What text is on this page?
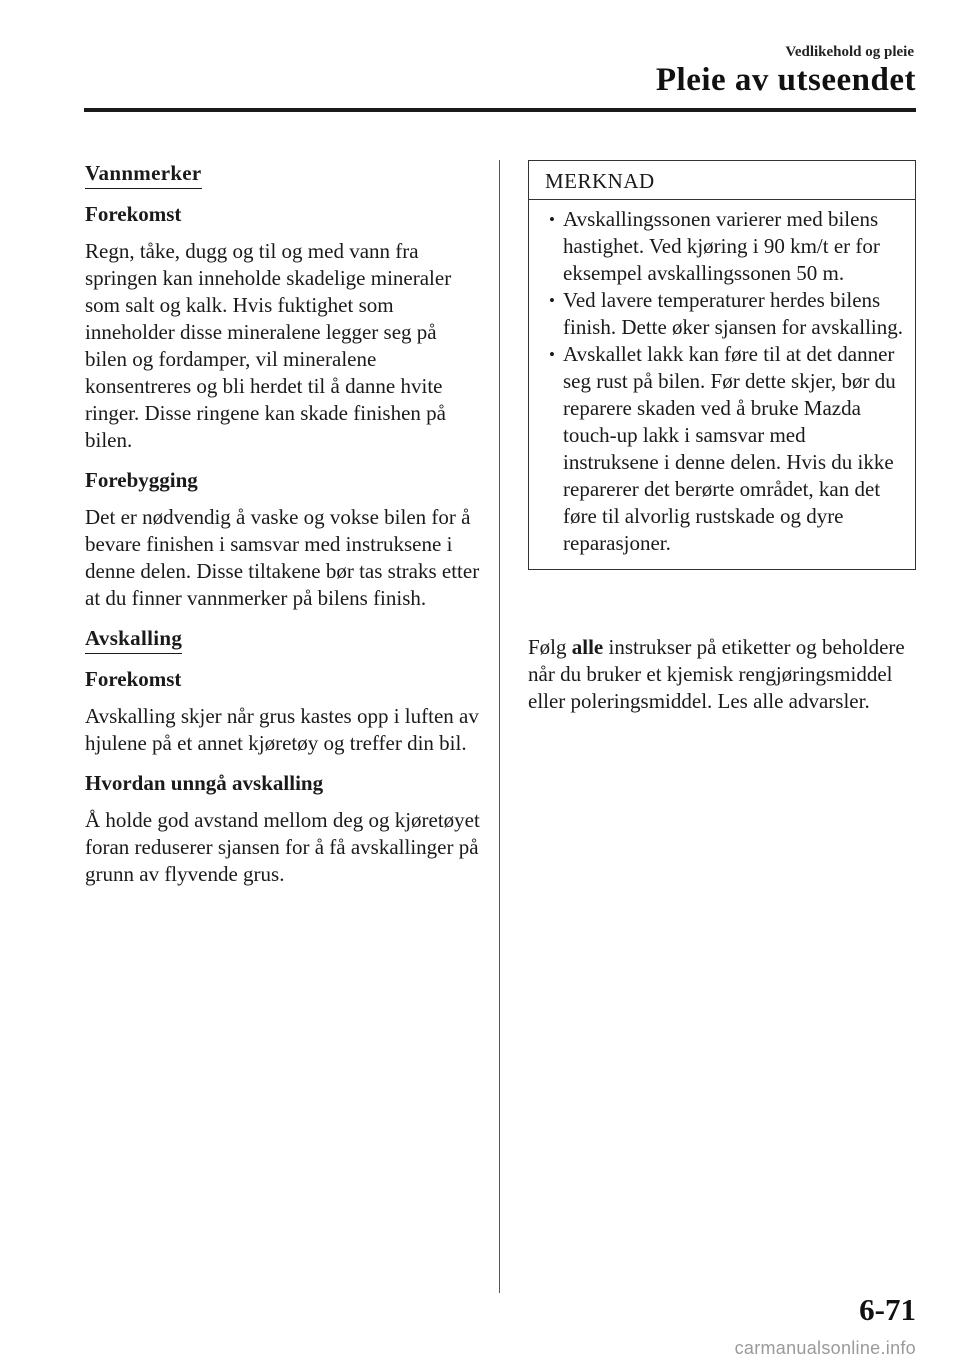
Vedlikehold og pleie
Pleie av utseendet
Vannmerker
Forekomst

Regn, tåke, dugg og til og med vann fra springen kan inneholde skadelige mineraler som salt og kalk. Hvis fuktighet som inneholder disse mineralene legger seg på bilen og fordamper, vil mineralene konsentreres og bli herdet til å danne hvite ringer. Disse ringene kan skade finishen på bilen.

Forebygging

Det er nødvendig å vaske og vokse bilen for å bevare finishen i samsvar med instruksene i denne delen. Disse tiltakene bør tas straks etter at du finner vannmerker på bilens finish.

Avskalling
Forekomst

Avskalling skjer når grus kastes opp i luften av hjulene på et annet kjøretøy og treffer din bil.

Hvordan unngå avskalling

Å holde god avstand mellom deg og kjøretøyet foran reduserer sjansen for å få avskallinger på grunn av flyvende grus.

MERKNAD
• Avskallingssonen varierer med bilens hastighet. Ved kjøring i 90 km/t er for eksempel avskallingssonen 50 m.
• Ved lavere temperaturer herdes bilens finish. Dette øker sjansen for avskalling.
• Avskallet lakk kan føre til at det danner seg rust på bilen. Før dette skjer, bør du reparere skaden ved å bruke Mazda touch-up lakk i samsvar med instruksene i denne delen. Hvis du ikke reparerer det berørte området, kan det føre til alvorlig rustskade og dyre reparasjoner.

Følg alle instrukser på etiketter og beholdere når du bruker et kjemisk rengjøringsmiddel eller poleringsmiddel. Les alle advarsler.

6-71
carmanualsonline.info
